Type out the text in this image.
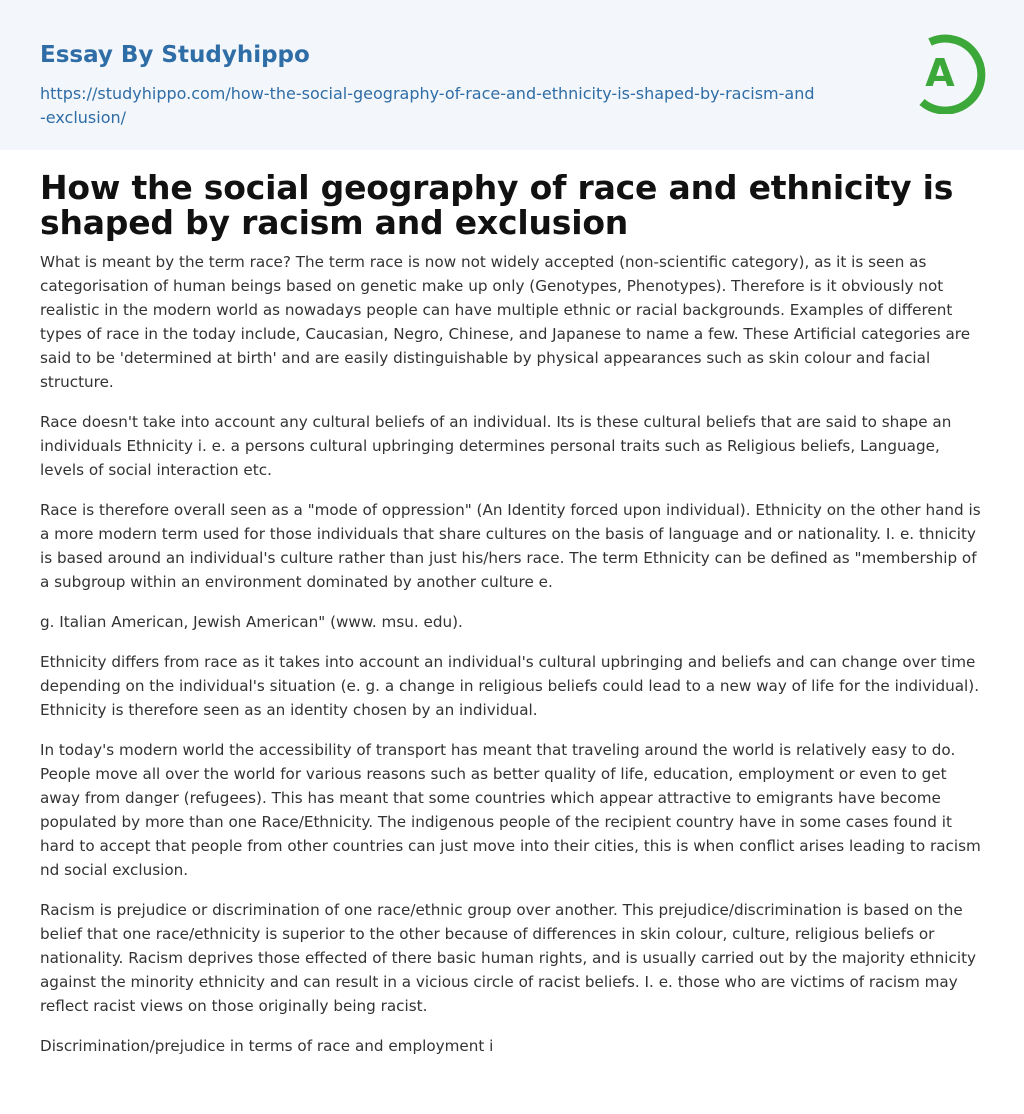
Essay By Studyhippo
https://studyhippo.com/how-the-social-geography-of-race-and-ethnicity-is-shaped-by-racism-and-exclusion/
A
How the social geography of race and ethnicity is shaped by racism and exclusion

What is meant by the term race? The term race is now not widely accepted (non-scientific category), as it is seen as categorisation of human beings based on genetic make up only (Genotypes, Phenotypes). Therefore is it obviously not realistic in the modern world as nowadays people can have multiple ethnic or racial backgrounds. Examples of different types of race in the today include, Caucasian, Negro, Chinese, and Japanese to name a few. These Artificial categories are said to be 'determined at birth' and are easily distinguishable by physical appearances such as skin colour and facial structure.

Race doesn't take into account any cultural beliefs of an individual. Its is these cultural beliefs that are said to shape an individuals Ethnicity i. e. a persons cultural upbringing determines personal traits such as Religious beliefs, Language, levels of social interaction etc.

Race is therefore overall seen as a "mode of oppression" (An Identity forced upon individual). Ethnicity on the other hand is a more modern term used for those individuals that share cultures on the basis of language and or nationality. I. e. thnicity is based around an individual's culture rather than just his/hers race. The term Ethnicity can be defined as "membership of a subgroup within an environment dominated by another culture e.

g. Italian American, Jewish American" (www. msu. edu).

Ethnicity differs from race as it takes into account an individual's cultural upbringing and beliefs and can change over time depending on the individual's situation (e. g. a change in religious beliefs could lead to a new way of life for the individual). Ethnicity is therefore seen as an identity chosen by an individual.

In today's modern world the accessibility of transport has meant that traveling around the world is relatively easy to do. People move all over the world for various reasons such as better quality of life, education, employment or even to get away from danger (refugees). This has meant that some countries which appear attractive to emigrants have become populated by more than one Race/Ethnicity. The indigenous people of the recipient country have in some cases found it hard to accept that people from other countries can just move into their cities, this is when conflict arises leading to racism nd social exclusion.

Racism is prejudice or discrimination of one race/ethnic group over another. This prejudice/discrimination is based on the belief that one race/ethnicity is superior to the other because of differences in skin colour, culture, religious beliefs or nationality. Racism deprives those effected of there basic human rights, and is usually carried out by the majority ethnicity against the minority ethnicity and can result in a vicious circle of racist beliefs. I. e. those who are victims of racism may reflect racist views on those originally being racist.

Discrimination/prejudice in terms of race and employment i
